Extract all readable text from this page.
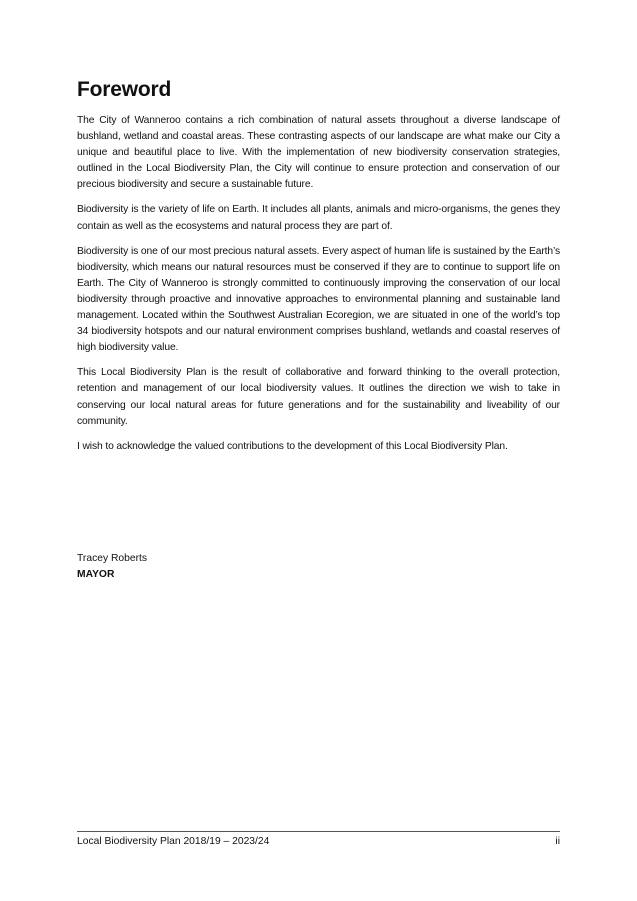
Foreword

The City of Wanneroo contains a rich combination of natural assets throughout a diverse landscape of bushland, wetland and coastal areas. These contrasting aspects of our landscape are what make our City a unique and beautiful place to live. With the implementation of new biodiversity conservation strategies, outlined in the Local Biodiversity Plan, the City will continue to ensure protection and conservation of our precious biodiversity and secure a sustainable future.

Biodiversity is the variety of life on Earth. It includes all plants, animals and micro-organisms, the genes they contain as well as the ecosystems and natural process they are part of.

Biodiversity is one of our most precious natural assets. Every aspect of human life is sustained by the Earth’s biodiversity, which means our natural resources must be conserved if they are to continue to support life on Earth. The City of Wanneroo is strongly committed to continuously improving the conservation of our local biodiversity through proactive and innovative approaches to environmental planning and sustainable land management. Located within the Southwest Australian Ecoregion, we are situated in one of the world’s top 34 biodiversity hotspots and our natural environment comprises bushland, wetlands and coastal reserves of high biodiversity value.

This Local Biodiversity Plan is the result of collaborative and forward thinking to the overall protection, retention and management of our local biodiversity values. It outlines the direction we wish to take in conserving our local natural areas for future generations and for the sustainability and liveability of our community.

I wish to acknowledge the valued contributions to the development of this Local Biodiversity Plan.

Tracey Roberts
MAYOR
Local Biodiversity Plan 2018/19 – 2023/24	ii
